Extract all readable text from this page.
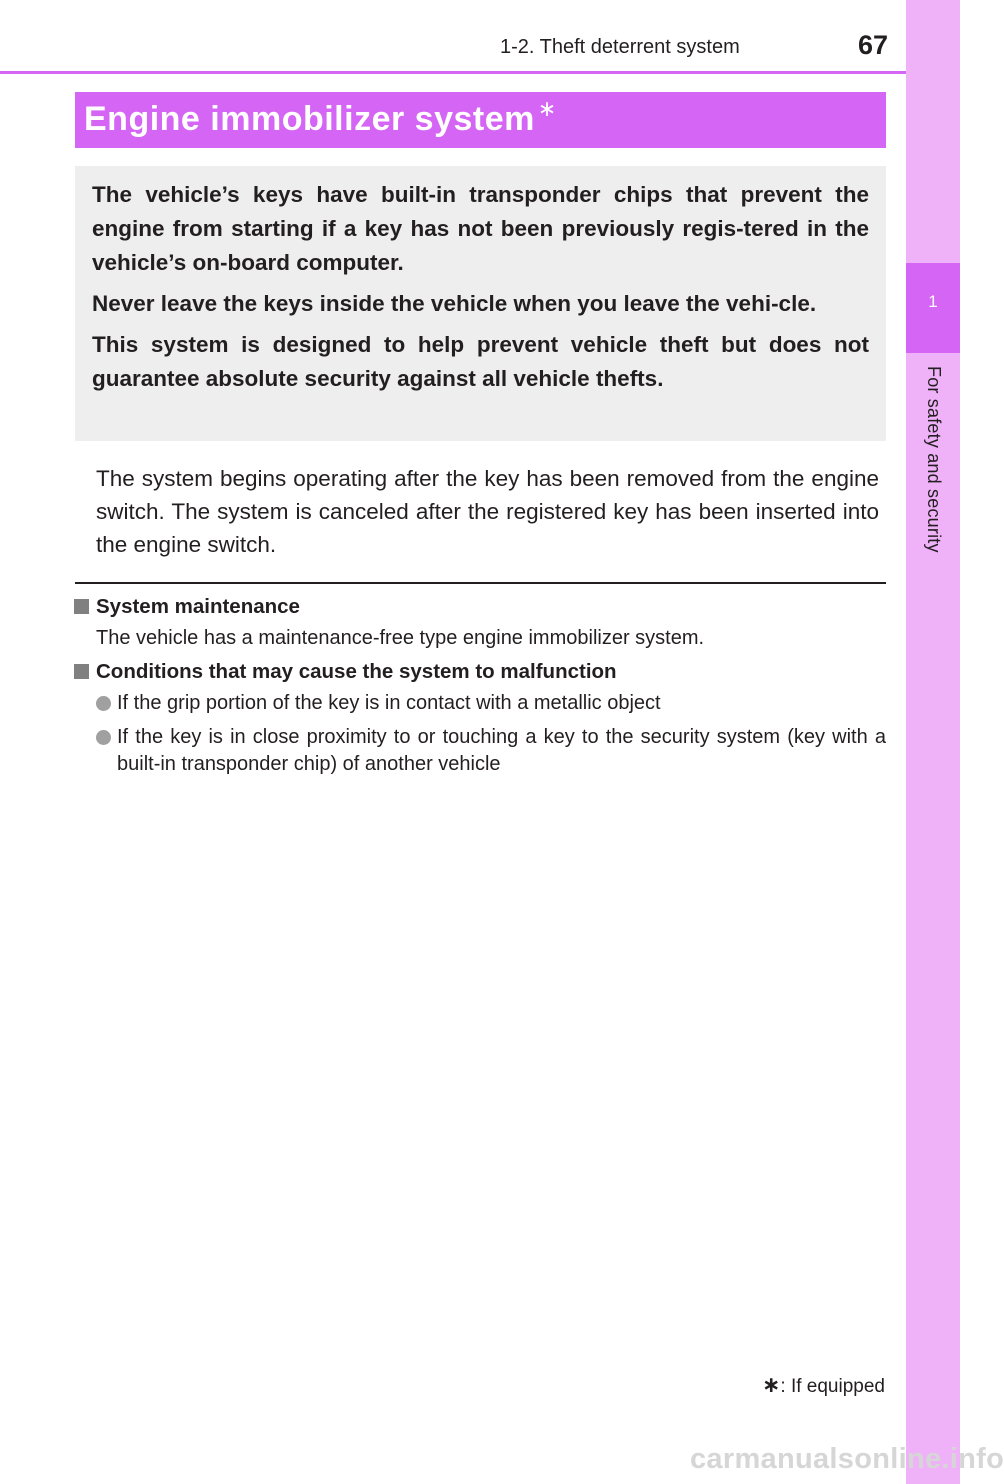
1
For safety and security
1-2. Theft deterrent system	67
Engine immobilizer system ∗

The vehicle’s keys have built-in transponder chips that prevent the engine from starting if a key has not been previously regis-tered in the vehicle’s on-board computer.

Never leave the keys inside the vehicle when you leave the vehi-cle.

This system is designed to help prevent vehicle theft but does not guarantee absolute security against all vehicle thefts.

The system begins operating after the key has been removed from the engine switch. The system is canceled after the registered key has been inserted into the engine switch.

System maintenance
The vehicle has a maintenance-free type engine immobilizer system.
Conditions that may cause the system to malfunction
If the grip portion of the key is in contact with a metallic object
If the key is in close proximity to or touching a key to the security system (key with a built-in transponder chip) of another vehicle
∗: If equipped
carmanualsonline.info
